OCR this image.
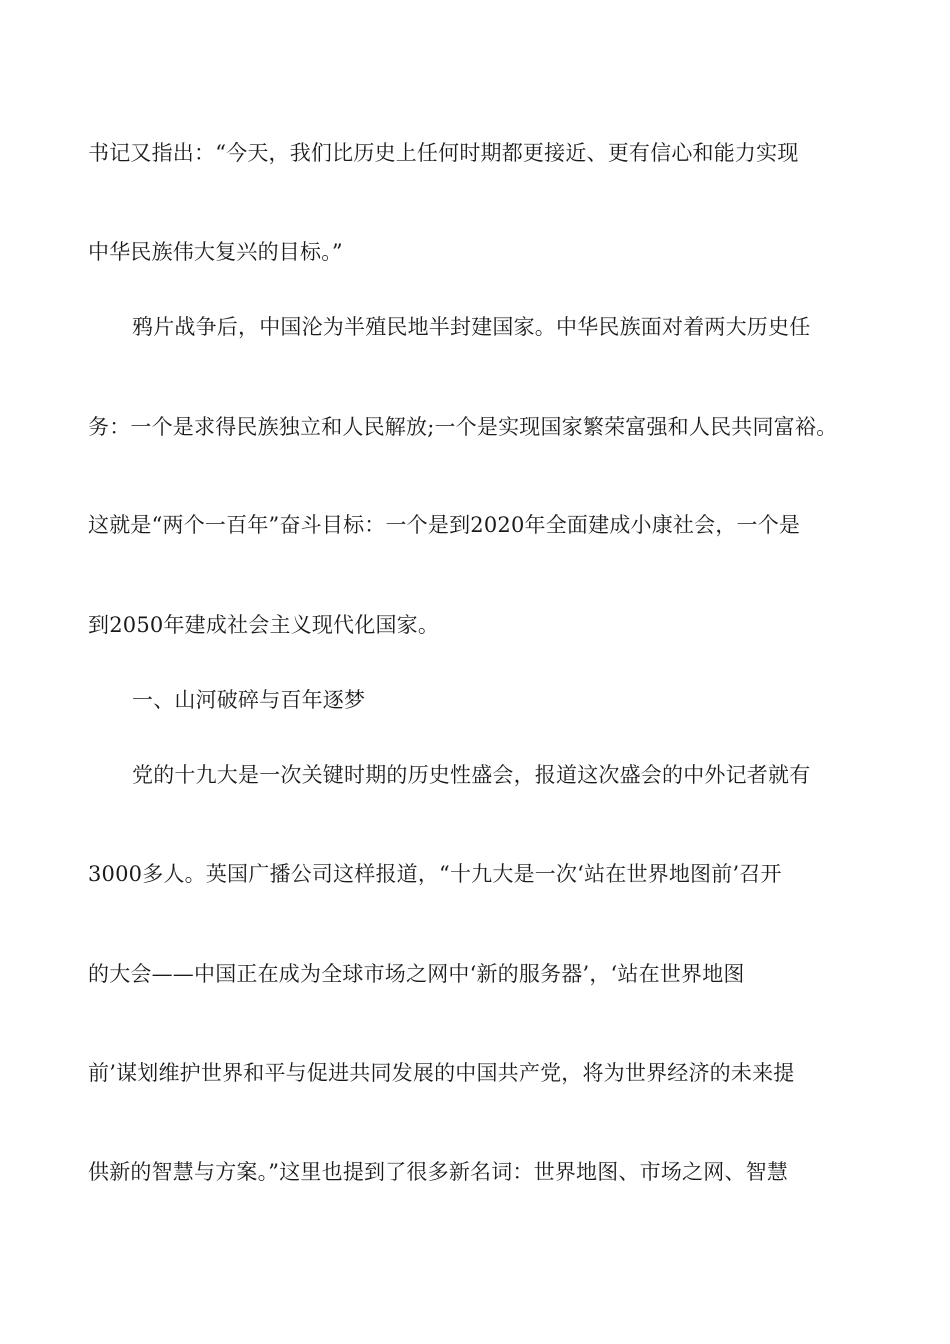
书记又指出：“今天，我们比历史上任何时期都更接近、更有信心和能力实现
中华民族伟大复兴的目标。”
鸦片战争后，中国沦为半殖民地半封建国家。中华民族面对着两大历史任
务：一个是求得民族独立和人民解放;一个是实现国家繁荣富强和人民共同富裕。
这就是“两个一百年”奋斗目标：一个是到2020年全面建成小康社会，一个是
到2050年建成社会主义现代化国家。
一、山河破碎与百年逐梦
党的十九大是一次关键时期的历史性盛会，报道这次盛会的中外记者就有
3000多人。英国广播公司这样报道，“十九大是一次‘站在世界地图前’召开
的大会——中国正在成为全球市场之网中‘新的服务器’，‘站在世界地图
前’谋划维护世界和平与促进共同发展的中国共产党，将为世界经济的未来提
供新的智慧与方案。”这里也提到了很多新名词：世界地图、市场之网、智慧
